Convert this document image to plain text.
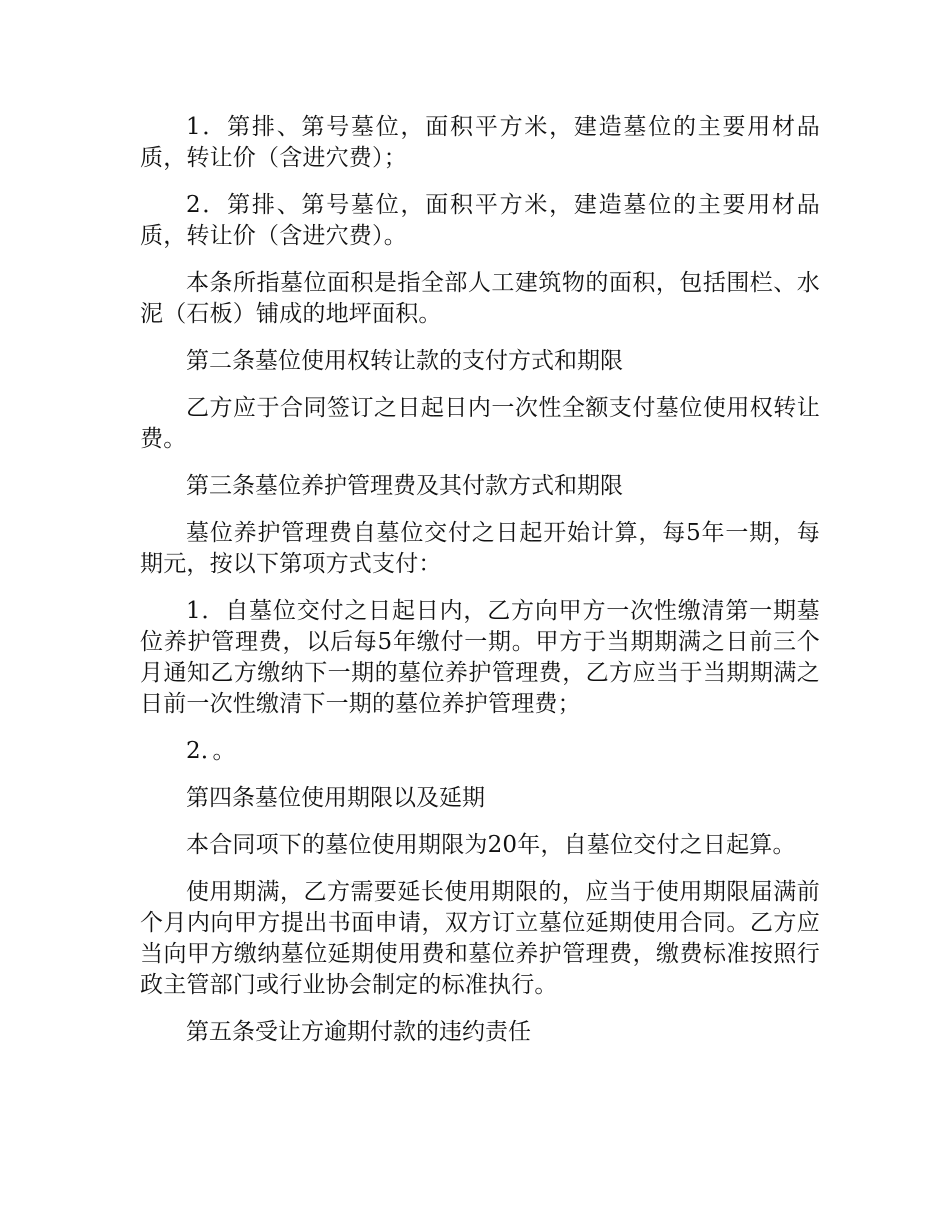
1．第排、第号墓位，面积平方米，建造墓位的主要用材品质，转让价（含进穴费）；

2．第排、第号墓位，面积平方米，建造墓位的主要用材品质，转让价（含进穴费）。

本条所指墓位面积是指全部人工建筑物的面积，包括围栏、水泥（石板）铺成的地坪面积。

第二条墓位使用权转让款的支付方式和期限

乙方应于合同签订之日起日内一次性全额支付墓位使用权转让费。

第三条墓位养护管理费及其付款方式和期限

墓位养护管理费自墓位交付之日起开始计算，每5年一期，每期元，按以下第项方式支付：

1．自墓位交付之日起日内，乙方向甲方一次性缴清第一期墓位养护管理费，以后每5年缴付一期。甲方于当期期满之日前三个月通知乙方缴纳下一期的墓位养护管理费，乙方应当于当期期满之日前一次性缴清下一期的墓位养护管理费；

2．。

第四条墓位使用期限以及延期

本合同项下的墓位使用期限为20年，自墓位交付之日起算。

使用期满，乙方需要延长使用期限的，应当于使用期限届满前个月内向甲方提出书面申请，双方订立墓位延期使用合同。乙方应当向甲方缴纳墓位延期使用费和墓位养护管理费，缴费标准按照行政主管部门或行业协会制定的标准执行。

第五条受让方逾期付款的违约责任
